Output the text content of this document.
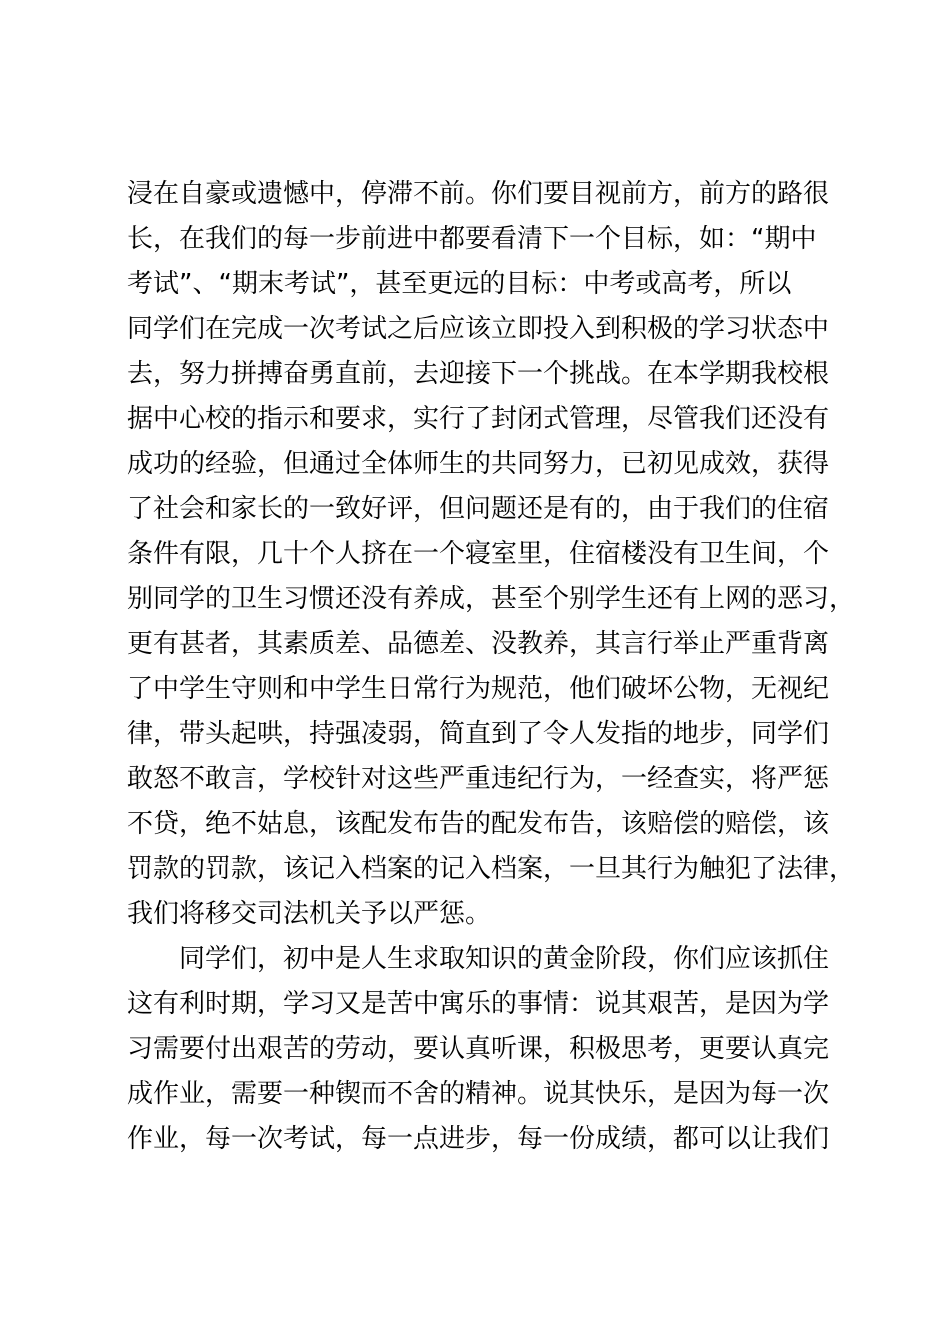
浸在自豪或遗憾中，停滞不前。你们要目视前方，前方的路很
长，在我们的每一步前进中都要看清下一个目标，如：“期中
考试”、“期末考试”，甚至更远的目标：中考或高考，所以
同学们在完成一次考试之后应该立即投入到积极的学习状态中
去，努力拼搏奋勇直前，去迎接下一个挑战。在本学期我校根
据中心校的指示和要求，实行了封闭式管理，尽管我们还没有
成功的经验，但通过全体师生的共同努力，已初见成效，获得
了社会和家长的一致好评，但问题还是有的，由于我们的住宿
条件有限，几十个人挤在一个寝室里，住宿楼没有卫生间，个
别同学的卫生习惯还没有养成，甚至个别学生还有上网的恶习，
更有甚者，其素质差、品德差、没教养，其言行举止严重背离
了中学生守则和中学生日常行为规范，他们破坏公物，无视纪
律，带头起哄，持强凌弱，简直到了令人发指的地步，同学们
敢怒不敢言，学校针对这些严重违纪行为，一经查实，将严惩
不贷，绝不姑息，该配发布告的配发布告，该赔偿的赔偿，该
罚款的罚款，该记入档案的记入档案，一旦其行为触犯了法律，
我们将移交司法机关予以严惩。
同学们，初中是人生求取知识的黄金阶段，你们应该抓住
这有利时期，学习又是苦中寓乐的事情：说其艰苦，是因为学
习需要付出艰苦的劳动，要认真听课，积极思考，更要认真完
成作业，需要一种锲而不舍的精神。说其快乐，是因为每一次
作业，每一次考试，每一点进步，每一份成绩，都可以让我们
